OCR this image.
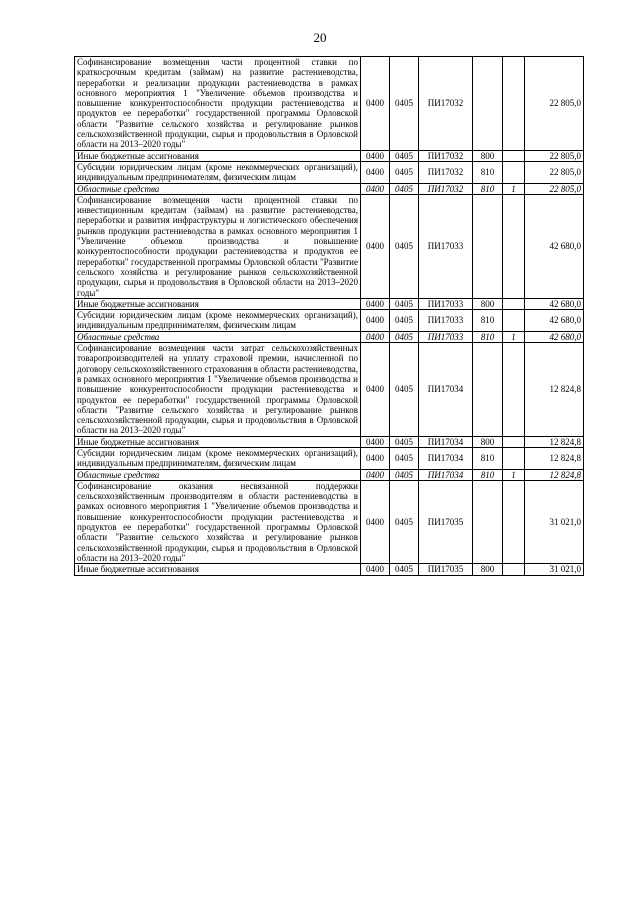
20
Софинансирование возмещения части процентной ставки по краткосрочным кредитам (займам) на развитие растениеводства, переработки и реализации продукции растениеводства в рамках основного мероприятия 1 "Увеличение объемов производства и повышение конкурентоспособности продукции растениеводства и продуктов ее переработки" государственной программы Орловской области "Развитие сельского хозяйства и регулирование рынков сельскохозяйственной продукции, сырья и продовольствия в Орловской области на 2013–2020 годы"	0400	0405	ПИ17032			22 805,0
Иные бюджетные ассигнования	0400	0405	ПИ17032	800		22 805,0
Субсидии юридическим лицам (кроме некоммерческих организаций), индивидуальным предпринимателям, физическим лицам	0400	0405	ПИ17032	810		22 805,0
Областные средства	0400	0405	ПИ17032	810	1	22 805,0
Софинансирование возмещения части процентной ставки по инвестиционным кредитам (займам) на развитие растениеводства, переработки и развития инфраструктуры и логистического обеспечения рынков продукции растениеводства в рамках основного мероприятия 1 "Увеличение объемов производства и повышение конкурентоспособности продукции растениеводства и продуктов ее переработки" государственной программы Орловской области "Развитие сельского хозяйства и регулирование рынков сельскохозяйственной продукции, сырья и продовольствия в Орловской области на 2013–2020 годы"	0400	0405	ПИ17033			42 680,0
Иные бюджетные ассигнования	0400	0405	ПИ17033	800		42 680,0
Субсидии юридическим лицам (кроме некоммерческих организаций), индивидуальным предпринимателям, физическим лицам	0400	0405	ПИ17033	810		42 680,0
Областные средства	0400	0405	ПИ17033	810	1	42 680,0
Софинансирование возмещения части затрат сельскохозяйственных товаропроизводителей на уплату страховой премии, начисленной по договору сельскохозяйственного страхования в области растениеводства, в рамках основного мероприятия 1 "Увеличение объемов производства и повышение конкурентоспособности продукции растениеводства и продуктов ее переработки" государственной программы Орловской области "Развитие сельского хозяйства и регулирование рынков сельскохозяйственной продукции, сырья и продовольствия в Орловской области на 2013–2020 годы"	0400	0405	ПИ17034			12 824,8
Иные бюджетные ассигнования	0400	0405	ПИ17034	800		12 824,8
Субсидии юридическим лицам (кроме некоммерческих организаций), индивидуальным предпринимателям, физическим лицам	0400	0405	ПИ17034	810		12 824,8
Областные средства	0400	0405	ПИ17034	810	1	12 824,8
Софинансирование оказания несвязанной поддержки сельскохозяйственным производителям в области растениеводства в рамках основного мероприятия 1 "Увеличение объемов производства и повышение конкурентоспособности продукции растениеводства и продуктов ее переработки" государственной программы Орловской области "Развитие сельского хозяйства и регулирование рынков сельскохозяйственной продукции, сырья и продовольствия в Орловской области на 2013–2020 годы"	0400	0405	ПИ17035			31 021,0
Иные бюджетные ассигнования	0400	0405	ПИ17035	800		31 021,0
